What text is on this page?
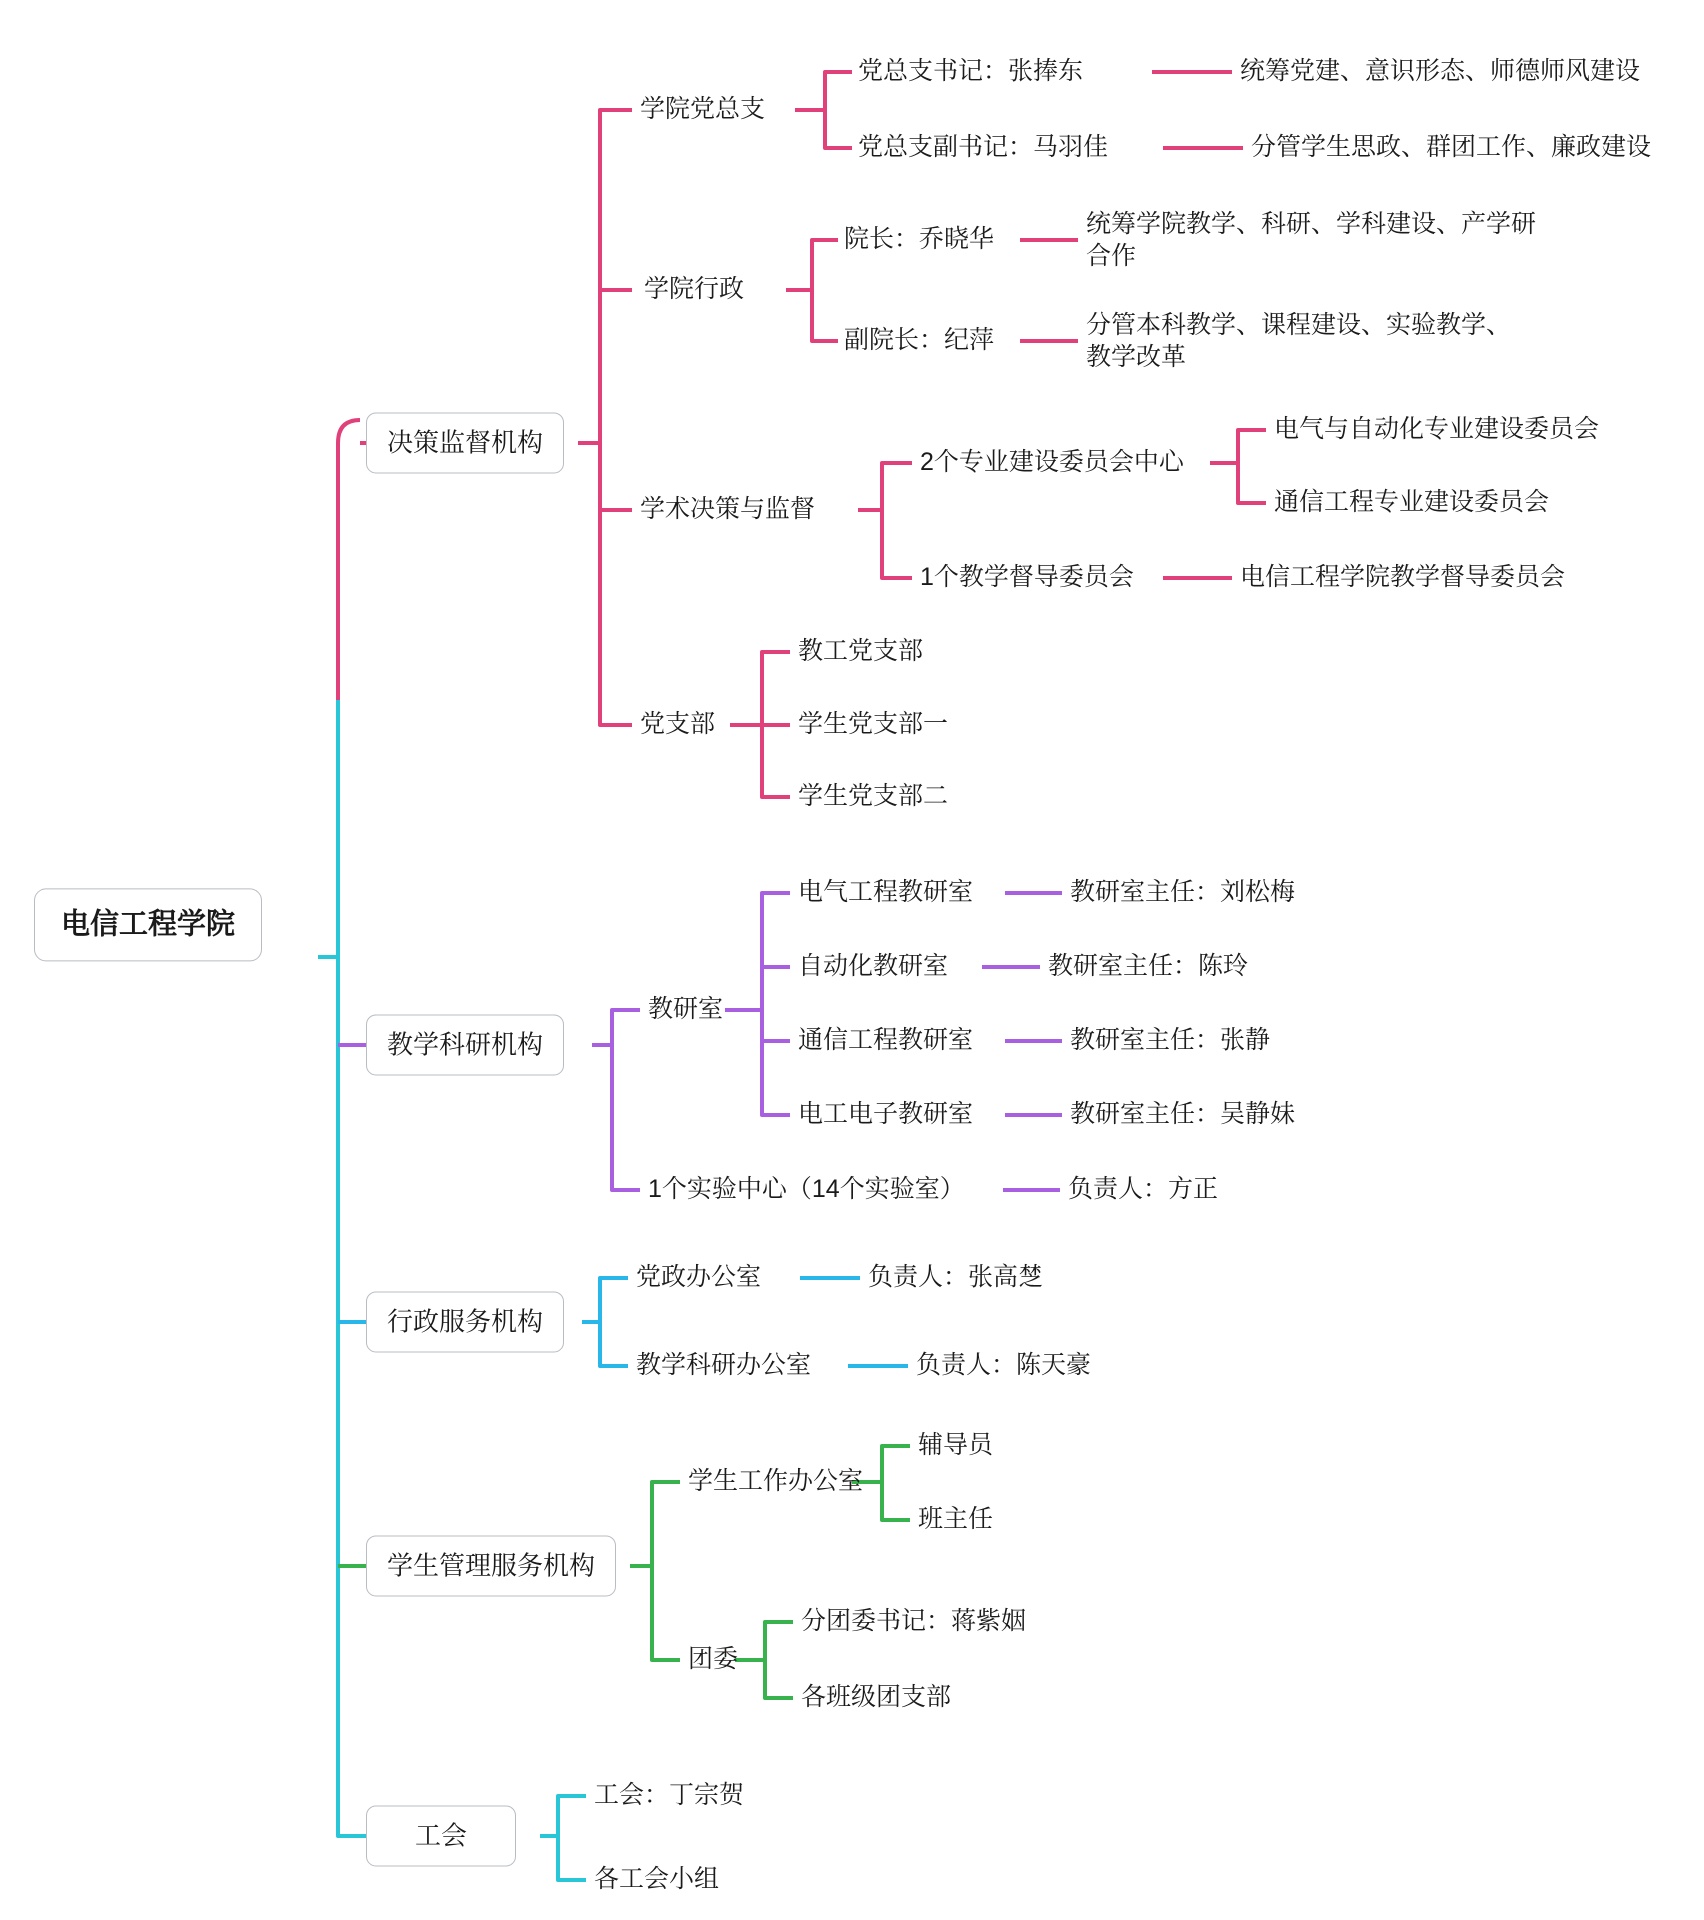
电信工程学院
决策监督机构
教学科研机构
行政服务机构
学生管理服务机构
工会
学院党总支
党总支书记：张捧东	统筹党建、意识形态、师德师风建设
党总支副书记：马羽佳	分管学生思政、群团工作、廉政建设
学院行政
院长：乔晓华
统筹学院教学、科研、学科建设、产学研合作
副院长：纪萍
分管本科教学、课程建设、实验教学、教学改革
学术决策与监督
2个专业建设委员会中心
电气与自动化专业建设委员会
通信工程专业建设委员会
1个教学督导委员会	电信工程学院教学督导委员会
党支部
教工党支部
学生党支部一
学生党支部二
教研室
电气工程教研室	教研室主任：刘松梅
自动化教研室	教研室主任：陈玲
通信工程教研室	教研室主任：张静
电工电子教研室	教研室主任：吴静妹
1个实验中心（14个实验室）	负责人：方正
党政办公室	负责人：张高椘
教学科研办公室	负责人：陈天豪
学生工作办公室
辅导员
班主任
团委
分团委书记：蒋紫姻
各班级团支部
工会：丁宗贺
各工会小组
